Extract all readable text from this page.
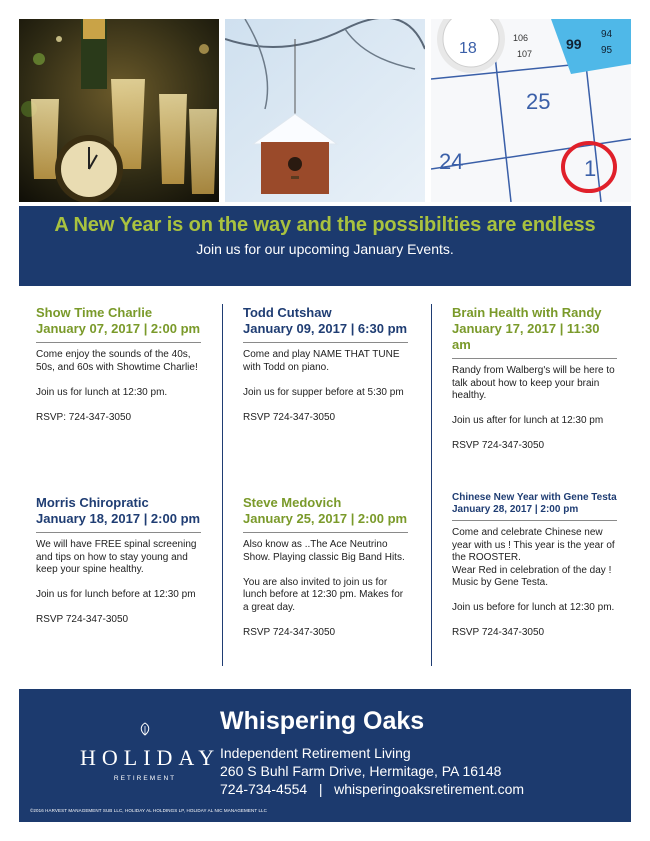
18
106
107
99
94
95
25
24	1
A New Year is on the way and the possibilties are endless
Join us for our upcoming January Events.
Show Time Charlie
January 07, 2017 | 2:00 pm

Come enjoy the sounds of the 40s, 50s, and 60s with Showtime Charlie!

Join us for lunch at 12:30 pm.

RSVP: 724-347-3050

Todd Cutshaw
January 09, 2017 | 6:30 pm

Come and play NAME THAT TUNE with Todd on piano.

Join us for supper before at 5:30 pm

RSVP 724-347-3050

Brain Health with Randy
January 17, 2017 | 11:30 am

Randy from Walberg's will be here to talk about how to keep your brain healthy.

Join us after for lunch at 12:30 pm

RSVP 724-347-3050

Morris Chiropratic
January 18, 2017 | 2:00 pm

We will have FREE spinal screening and tips on how to stay young and keep your spine healthy.

Join us for lunch before at 12:30 pm

RSVP 724-347-3050

Steve Medovich
January 25, 2017 | 2:00 pm

Also know as ..The Ace Neutrino Show. Playing classic Big Band Hits.

You are also invited to join us for lunch before at 12:30 pm. Makes for a great day.

RSVP 724-347-3050

Chinese New Year with Gene Testa
January 28, 2017 | 2:00 pm

Come and celebrate Chinese new year with us ! This year is the year of the ROOSTER.
Wear Red in celebration of the day ! Music by Gene Testa.

Join us before for lunch at 12:30 pm.

RSVP 724-347-3050

HOLIDAY
RETIREMENT
Whispering Oaks
Independent Retirement Living
260 S Buhl Farm Drive, Hermitage, PA 16148
724-734-4554   |   whisperingoaksretirement.com
©2016 HARVEST MANAGEMENT SUB LLC, HOLIDAY AL HOLDINGS LP, HOLIDAY AL NIC MANAGEMENT LLC
